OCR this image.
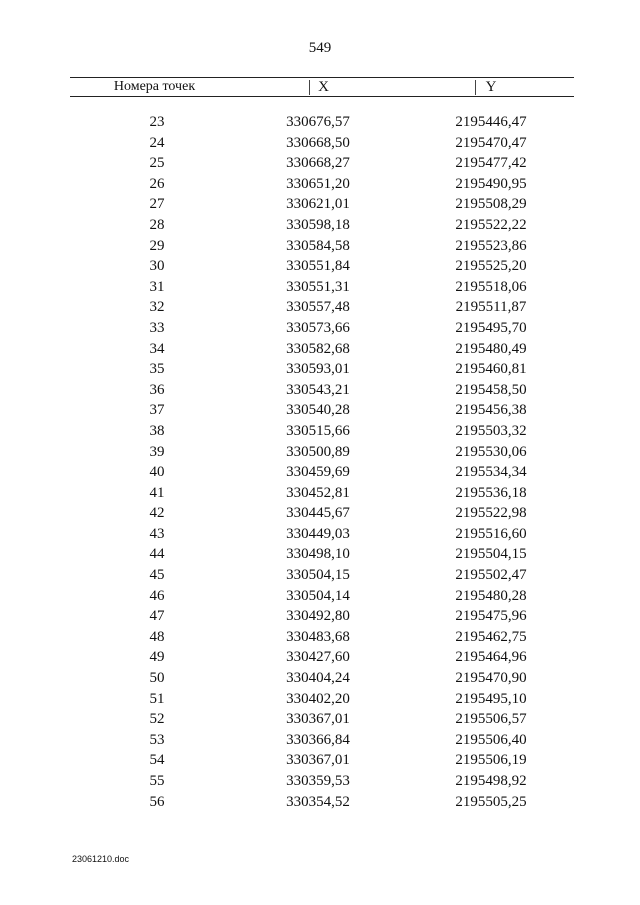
549
Номера точек	X	Y
23	330676,57	2195446,47
24	330668,50	2195470,47
25	330668,27	2195477,42
26	330651,20	2195490,95
27	330621,01	2195508,29
28	330598,18	2195522,22
29	330584,58	2195523,86
30	330551,84	2195525,20
31	330551,31	2195518,06
32	330557,48	2195511,87
33	330573,66	2195495,70
34	330582,68	2195480,49
35	330593,01	2195460,81
36	330543,21	2195458,50
37	330540,28	2195456,38
38	330515,66	2195503,32
39	330500,89	2195530,06
40	330459,69	2195534,34
41	330452,81	2195536,18
42	330445,67	2195522,98
43	330449,03	2195516,60
44	330498,10	2195504,15
45	330504,15	2195502,47
46	330504,14	2195480,28
47	330492,80	2195475,96
48	330483,68	2195462,75
49	330427,60	2195464,96
50	330404,24	2195470,90
51	330402,20	2195495,10
52	330367,01	2195506,57
53	330366,84	2195506,40
54	330367,01	2195506,19
55	330359,53	2195498,92
56	330354,52	2195505,25
23061210.doc
